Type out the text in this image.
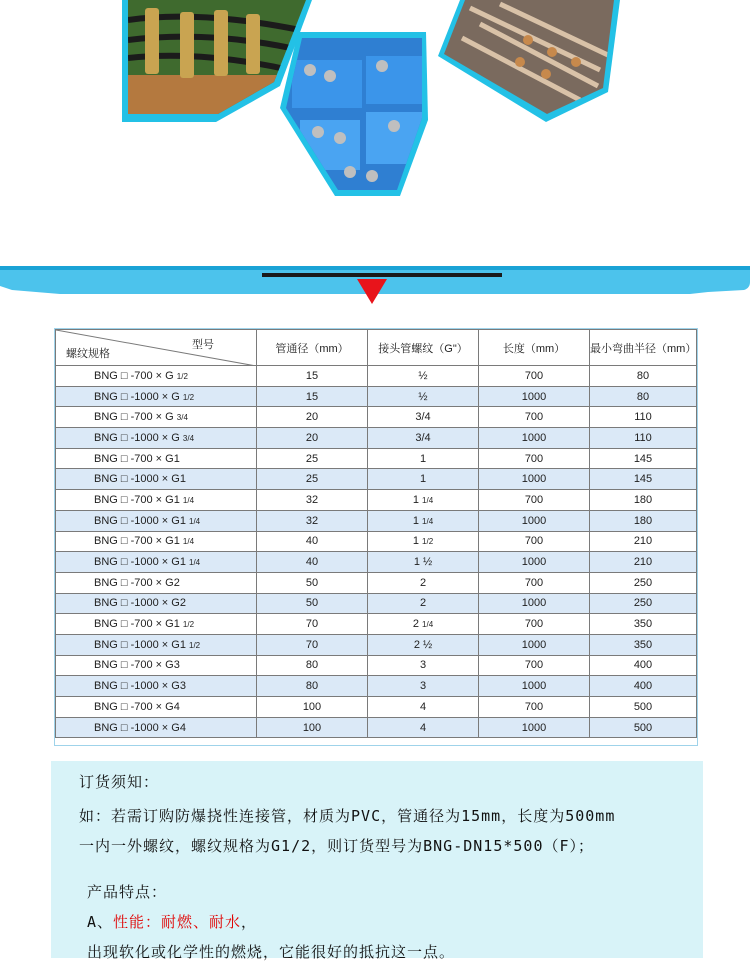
型号
螺纹规格	管通径（mm）	接头管螺纹（G"）	长度（mm）	最小弯曲半径（mm）
BNG □ -700 × G 1/2	15	½	700	80
BNG □ -1000 × G 1/2	15	½	1000	80
BNG □ -700 × G 3/4	20	3/4	700	110
BNG □ -1000 × G 3/4	20	3/4	1000	110
BNG □ -700 × G1	25	1	700	145
BNG □ -1000 × G1	25	1	1000	145
BNG □ -700 × G1 1/4	32	1 1/4	700	180
BNG □ -1000 × G1 1/4	32	1 1/4	1000	180
BNG □ -700 × G1 1/4	40	1 1/2	700	210
BNG □ -1000 × G1 1/4	40	1 ½	1000	210
BNG □ -700 × G2	50	2	700	250
BNG □ -1000 × G2	50	2	1000	250
BNG □ -700 × G1 1/2	70	2 1/4	700	350
BNG □ -1000 × G1 1/2	70	2 ½	1000	350
BNG □ -700 × G3	80	3	700	400
BNG □ -1000 × G3	80	3	1000	400
BNG □ -700 × G4	100	4	700	500
BNG □ -1000 × G4	100	4	1000	500
订货须知：
如：若需订购防爆挠性连接管，材质为PVC，管通径为15mm，长度为500mm
一内一外螺纹，螺纹规格为G1/2，则订货型号为BNG-DN15*500（F）；
产品特点：
A、性能：耐燃、耐水，
出现软化或化学性的燃烧，它能很好的抵抗这一点。
